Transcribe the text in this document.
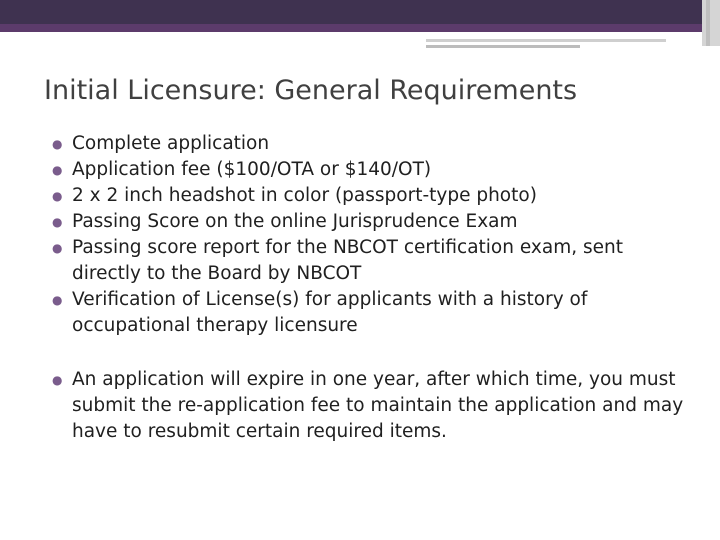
Initial Licensure: General Requirements
● Complete application
● Application fee ($100/OTA or $140/OT)
● 2 x 2 inch headshot in color (passport-type photo)
● Passing Score on the online Jurisprudence Exam
● Passing score report for the NBCOT certification exam, sent directly to the Board by NBCOT
● Verification of License(s) for applicants with a history of occupational therapy licensure
● An application will expire in one year, after which time, you must submit the re-application fee to maintain the application and may have to resubmit certain required items.
